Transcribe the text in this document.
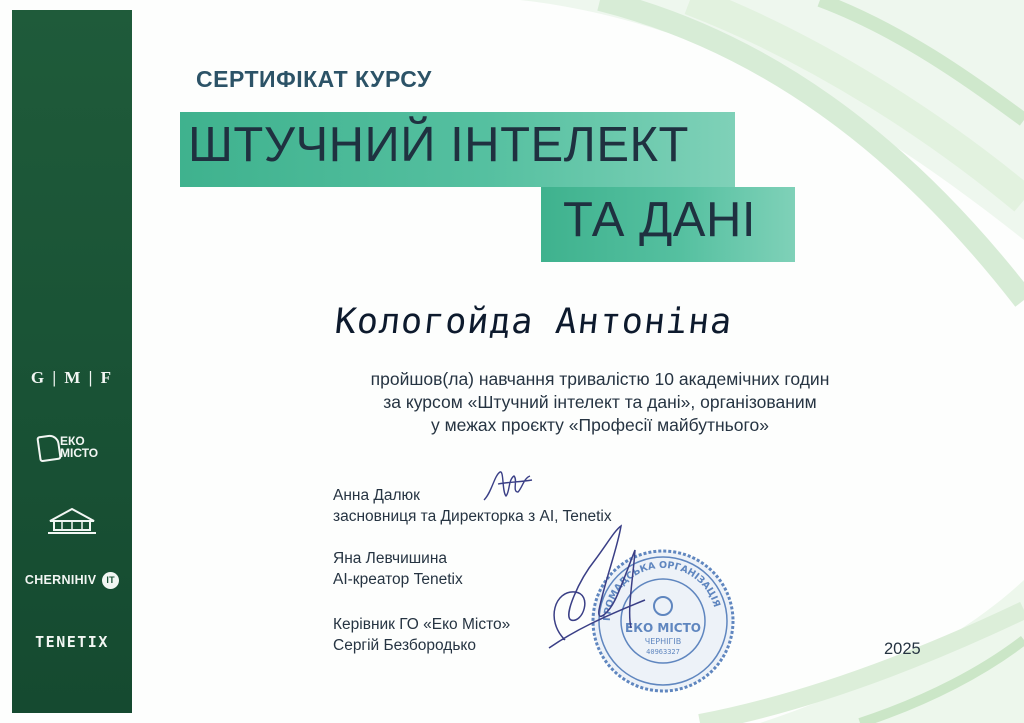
G | M | F
ЕКО
МІСТО
CHERNIHIV IT
TENETIX
СЕРТИФІКАТ КУРСУ
ШТУЧНИЙ ІНТЕЛЕКТ
ТА ДАНІ
Кологойда Антоніна
пройшов(ла) навчання тривалістю 10 академічних годин
за курсом «Штучний інтелект та дані», організованим
у межах проєкту «Професії майбутнього»
Анна Далюк
засновниця та Директорка з AI, Tenetix
Яна Левчишина
AI-креатор Tenetix
Керівник ГО «Еко Місто»
Сергій Безбородько
ГРОМАДСЬКА ОРГАНІЗАЦІЯ
ЕКО МІСТО
ЧЕРНІГІВ
40963327	2025
